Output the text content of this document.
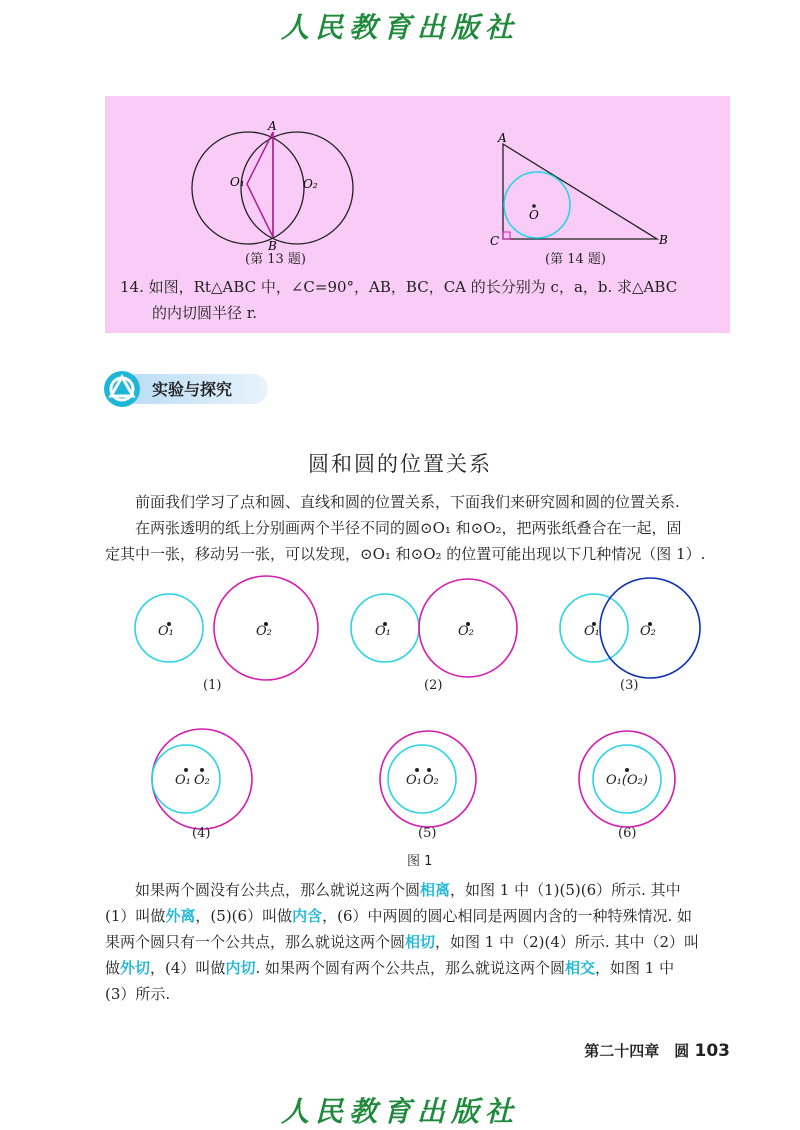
人民教育出版社
A
B
O₁	O₂
(第 13 题)
A
B
C
O
(第 14 题)
14. 如图，Rt△ABC 中，∠C=90°，AB，BC，CA 的长分别为 c，a，b. 求△ABC
的内切圆半径 r.
实验与探究
圆和圆的位置关系
前面我们学习了点和圆、直线和圆的位置关系，下面我们来研究圆和圆的位置关系.
在两张透明的纸上分别画两个半径不同的圆⊙O₁ 和⊙O₂，把两张纸叠合在一起，固
定其中一张，移动另一张，可以发现，⊙O₁ 和⊙O₂ 的位置可能出现以下几种情况（图 1）.
O₁	O₂	O₁	O₂	O₁	O₂
O₁ O₂	O₁ O₂	O₁(O₂)
(1)	(2)	(3)
(4)	(5)	(6)
图 1
如果两个圆没有公共点，那么就说这两个圆相离，如图 1 中（1)(5)(6）所示. 其中
(1）叫做外离，(5)(6）叫做内含，(6）中两圆的圆心相同是两圆内含的一种特殊情况. 如
果两个圆只有一个公共点，那么就说这两个圆相切，如图 1 中（2)(4）所示. 其中（2）叫
做外切，(4）叫做内切. 如果两个圆有两个公共点，那么就说这两个圆相交，如图 1 中
(3）所示.
第二十四章　圆 103
人民教育出版社
